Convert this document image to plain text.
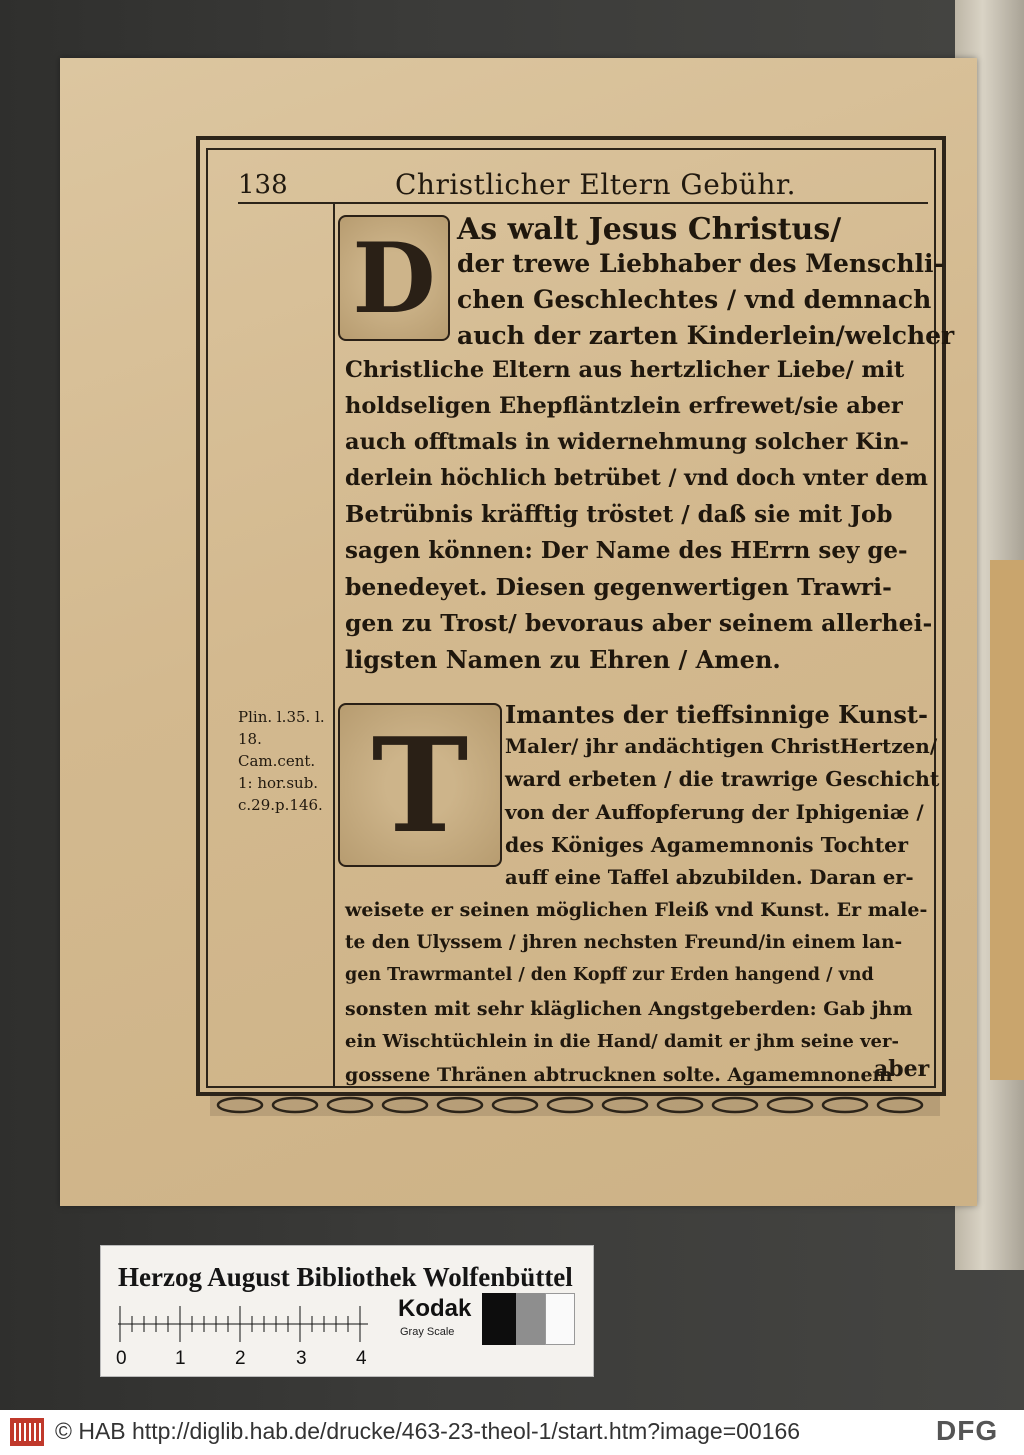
138	Christlicher Eltern Gebühr.
D As walt Jesus Christus/
der trewe Liebhaber des Menschli-
chen Geschlechtes / vnd demnach
auch der zarten Kinderlein/welcher
Christliche Eltern aus hertzlicher Liebe/ mit
holdseligen Ehepfläntzlein erfrewet/sie aber
auch offtmals in widernehmung solcher Kin-
derlein höchlich betrübet / vnd doch vnter dem
Betrübnis kräfftig tröstet / daß sie mit Job
sagen können: Der Name des HErrn sey ge-
benedeyet. Diesen gegenwertigen Trawri-
gen zu Trost/ bevoraus aber seinem allerhei-
ligsten Namen zu Ehren / Amen.
T	Imantes der tieffsinnige Kunst-
Maler/ jhr andächtigen ChristHertzen/
ward erbeten / die trawrige Geschicht
von der Auffopferung der Iphigeniæ /
des Königes Agamemnonis Tochter
auff eine Taffel abzubilden. Daran er-
weisete er seinen möglichen Fleiß vnd Kunst. Er male-
te den Ulyssem / jhren nechsten Freund/in einem lan-
gen Trawrmantel / den Kopff zur Erden hangend / vnd
sonsten mit sehr kläglichen Angstgeberden: Gab jhm
ein Wischtüchlein in die Hand/ damit er jhm seine ver-
gossene Thränen abtrucknen solte. Agamemnonem
Plin. l.35. l.
18.
Cam.cent.
1: hor.sub.
c.29.p.146.
aber
Herzog August Bibliothek Wolfenbüttel
0	1	2	3	4
Kodak
Gray Scale
© HAB http://diglib.hab.de/drucke/463-23-theol-1/start.htm?image=00166	DFG
